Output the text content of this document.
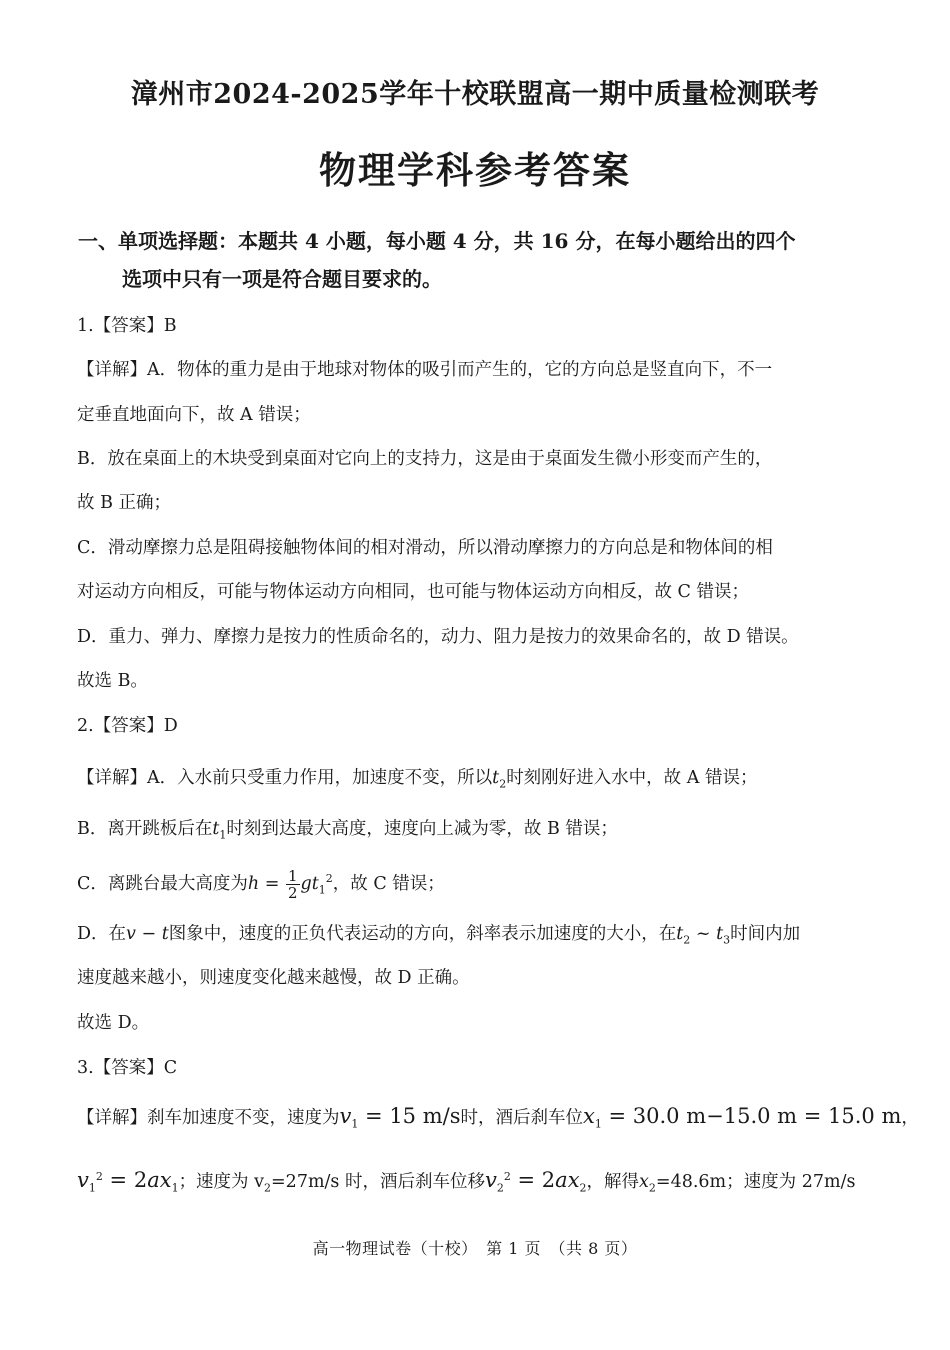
漳州市2024-2025学年十校联盟高一期中质量检测联考
物理学科参考答案
一、单项选择题：本题共 4 小题，每小题 4 分，共 16 分，在每小题给出的四个
选项中只有一项是符合题目要求的。
1.【答案】B
【详解】A．物体的重力是由于地球对物体的吸引而产生的，它的方向总是竖直向下，不一
定垂直地面向下，故 A 错误；
B．放在桌面上的木块受到桌面对它向上的支持力，这是由于桌面发生微小形变而产生的，
故 B 正确；
C．滑动摩擦力总是阻碍接触物体间的相对滑动，所以滑动摩擦力的方向总是和物体间的相
对运动方向相反，可能与物体运动方向相同，也可能与物体运动方向相反，故 C 错误；
D．重力、弹力、摩擦力是按力的性质命名的，动力、阻力是按力的效果命名的，故 D 错误。
故选 B。
2.【答案】D
【详解】A．入水前只受重力作用，加速度不变，所以$t_2$时刻刚好进入水中，故 A 错误；
B．离开跳板后在$t_1$时刻到达最大高度，速度向上减为零，故 B 错误；
C．离跳台最大高度为$h = \frac{1}{2} gt_1^2$，故 C 错误；
D．在v − t图象中，速度的正负代表运动的方向，斜率表示加速度的大小，在$t_2$ ~ $t_3$时间内加
速度越来越小，则速度变化越来越慢，故 D 正确。
故选 D。
3.【答案】C
【详解】刹车加速度不变，速度为$v_1 = 15$ m/s时，酒后刹车位$x_1 = 30.0$ m−15.0 m = 15.0 m，
$v_1^2 = 2ax_1$；速度为 $v_2=27m/s$ 时，酒后刹车位移$v_2^2 = 2ax_2$，解得$x_2=48.6m$；速度为 27m/s
高一物理试卷（十校）　第 1 页　（共 8 页）
